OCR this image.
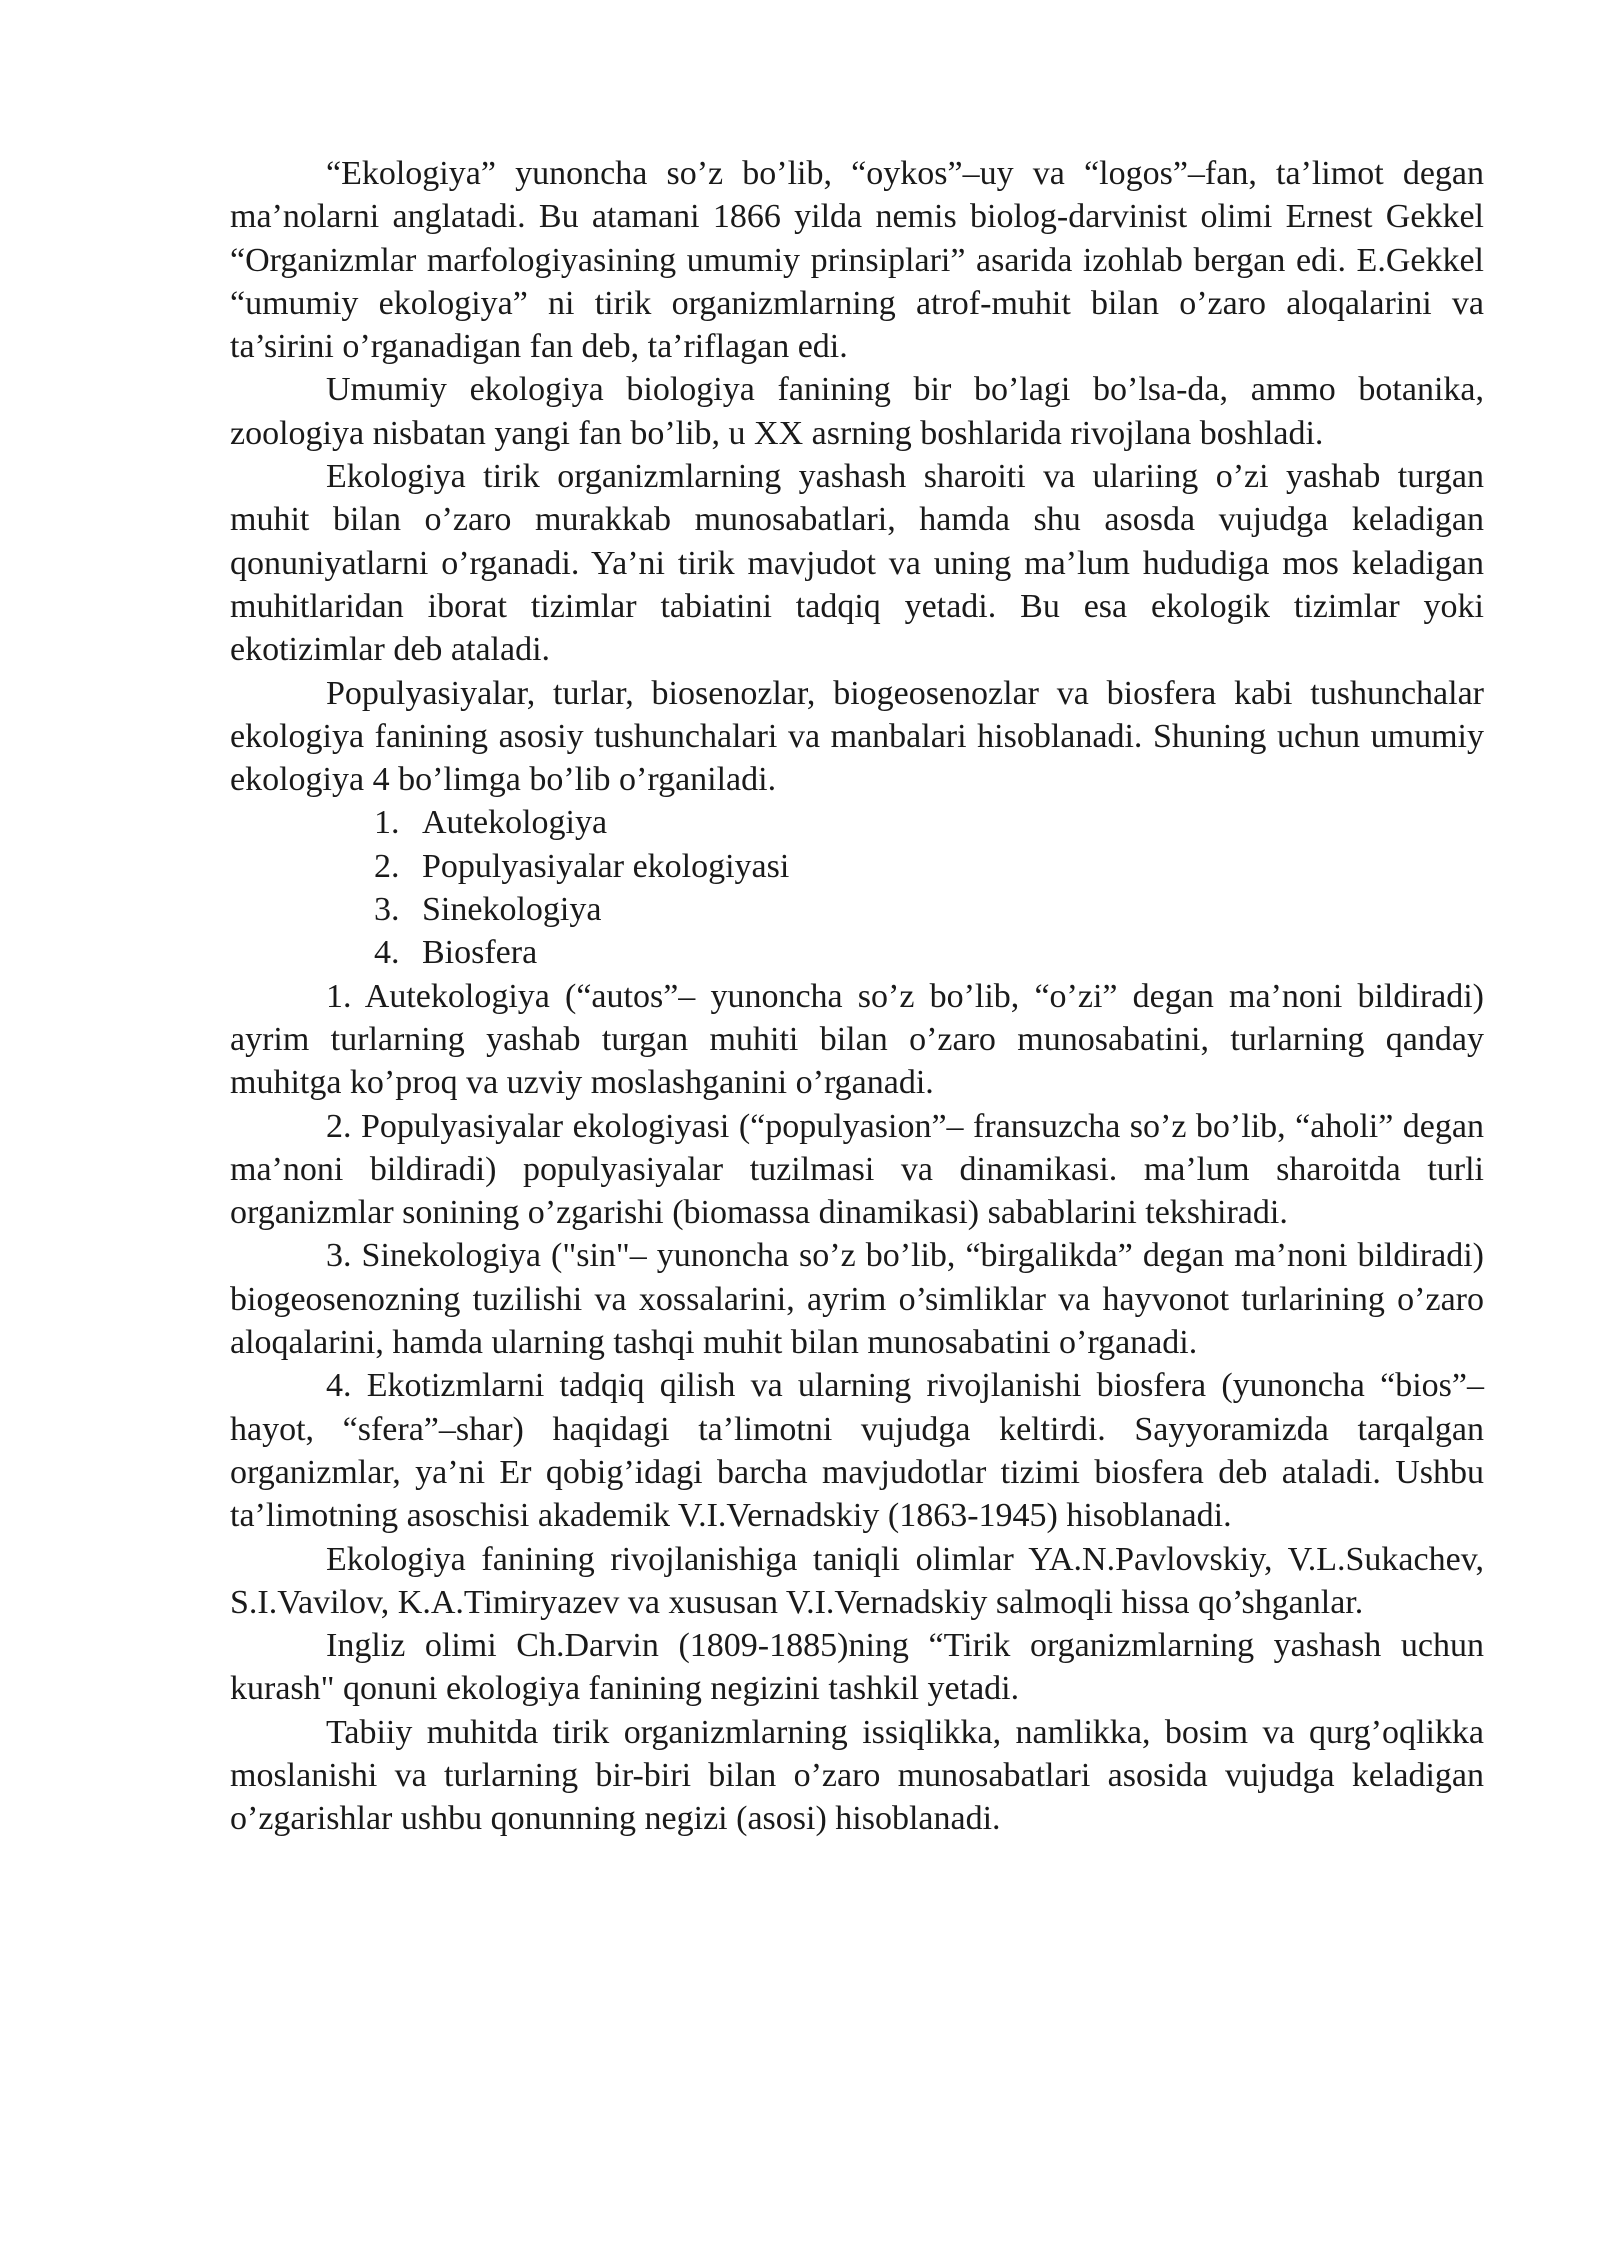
“Ekologiya” yunoncha so’z bo’lib, “oykos”–uy va “logos”–fan, ta’limot degan ma’nolarni anglatadi. Bu atamani 1866 yilda nemis biolog-darvinist olimi Ernest Gekkel “Organizmlar marfologiyasining umumiy prinsiplari” asarida izohlab bergan edi. E.Gekkel “umumiy ekologiya” ni tirik organizmlarning atrof-muhit bilan o’zaro aloqalarini va ta’sirini o’rganadigan fan deb, ta’riflagan edi.

Umumiy ekologiya biologiya fanining bir bo’lagi bo’lsa-da, ammo botanika, zoologiya nisbatan yangi fan bo’lib, u XX asrning boshlarida rivojlana boshladi.

Ekologiya tirik organizmlarning yashash sharoiti va ulariing o’zi yashab turgan muhit bilan o’zaro murakkab munosabatlari, hamda shu asosda vujudga keladigan qonuniyatlarni o’rganadi. Ya’ni tirik mavjudot va uning ma’lum hududiga mos keladigan muhitlaridan iborat tizimlar tabiatini tadqiq yetadi. Bu esa ekologik tizimlar yoki ekotizimlar deb ataladi.

Populyasiyalar, turlar, biosenozlar, biogeosenozlar va biosfera kabi tushunchalar ekologiya fanining asosiy tushunchalari va manbalari hisoblanadi. Shuning uchun umumiy ekologiya 4 bo’limga bo’lib o’rganiladi.

1. Autekologiya
2. Populyasiyalar ekologiyasi
3. Sinekologiya
4. Biosfera

1. Autekologiya (“autos”– yunoncha so’z bo’lib, “o’zi” degan ma’noni bildiradi) ayrim turlarning yashab turgan muhiti bilan o’zaro munosabatini, turlarning qanday muhitga ko’proq va uzviy moslashganini o’rganadi.

2. Populyasiyalar ekologiyasi (“populyasion”– fransuzcha so’z bo’lib, “aholi” degan ma’noni bildiradi) populyasiyalar tuzilmasi va dinamikasi. ma’lum sharoitda turli organizmlar sonining o’zgarishi (biomassa dinamikasi) sabablarini tekshiradi.

3. Sinekologiya ("sin"– yunoncha so’z bo’lib, “birgalikda” degan ma’noni bildiradi) biogeosenozning tuzilishi va xossalarini, ayrim o’simliklar va hayvonot turlarining o’zaro aloqalarini, hamda ularning tashqi muhit bilan munosabatini o’rganadi.

4. Ekotizmlarni tadqiq qilish va ularning rivojlanishi biosfera (yunoncha “bios”–hayot, “sfera”–shar) haqidagi ta’limotni vujudga keltirdi. Sayyoramizda tarqalgan organizmlar, ya’ni Er qobig’idagi barcha mavjudotlar tizimi biosfera deb ataladi. Ushbu ta’limotning asoschisi akademik V.I.Vernadskiy (1863-1945) hisoblanadi.

Ekologiya fanining rivojlanishiga taniqli olimlar YA.N.Pavlovskiy, V.L.Sukachev, S.I.Vavilov, K.A.Timiryazev va xususan V.I.Vernadskiy salmoqli hissa qo’shganlar.

Ingliz olimi Ch.Darvin (1809-1885)ning “Tirik organizmlarning yashash uchun kurash" qonuni ekologiya fanining negizini tashkil yetadi.

Tabiiy muhitda tirik organizmlarning issiqlikka, namlikka, bosim va qurg’oqlikka moslanishi va turlarning bir-biri bilan o’zaro munosabatlari asosida vujudga keladigan o’zgarishlar ushbu qonunning negizi (asosi) hisoblanadi.
